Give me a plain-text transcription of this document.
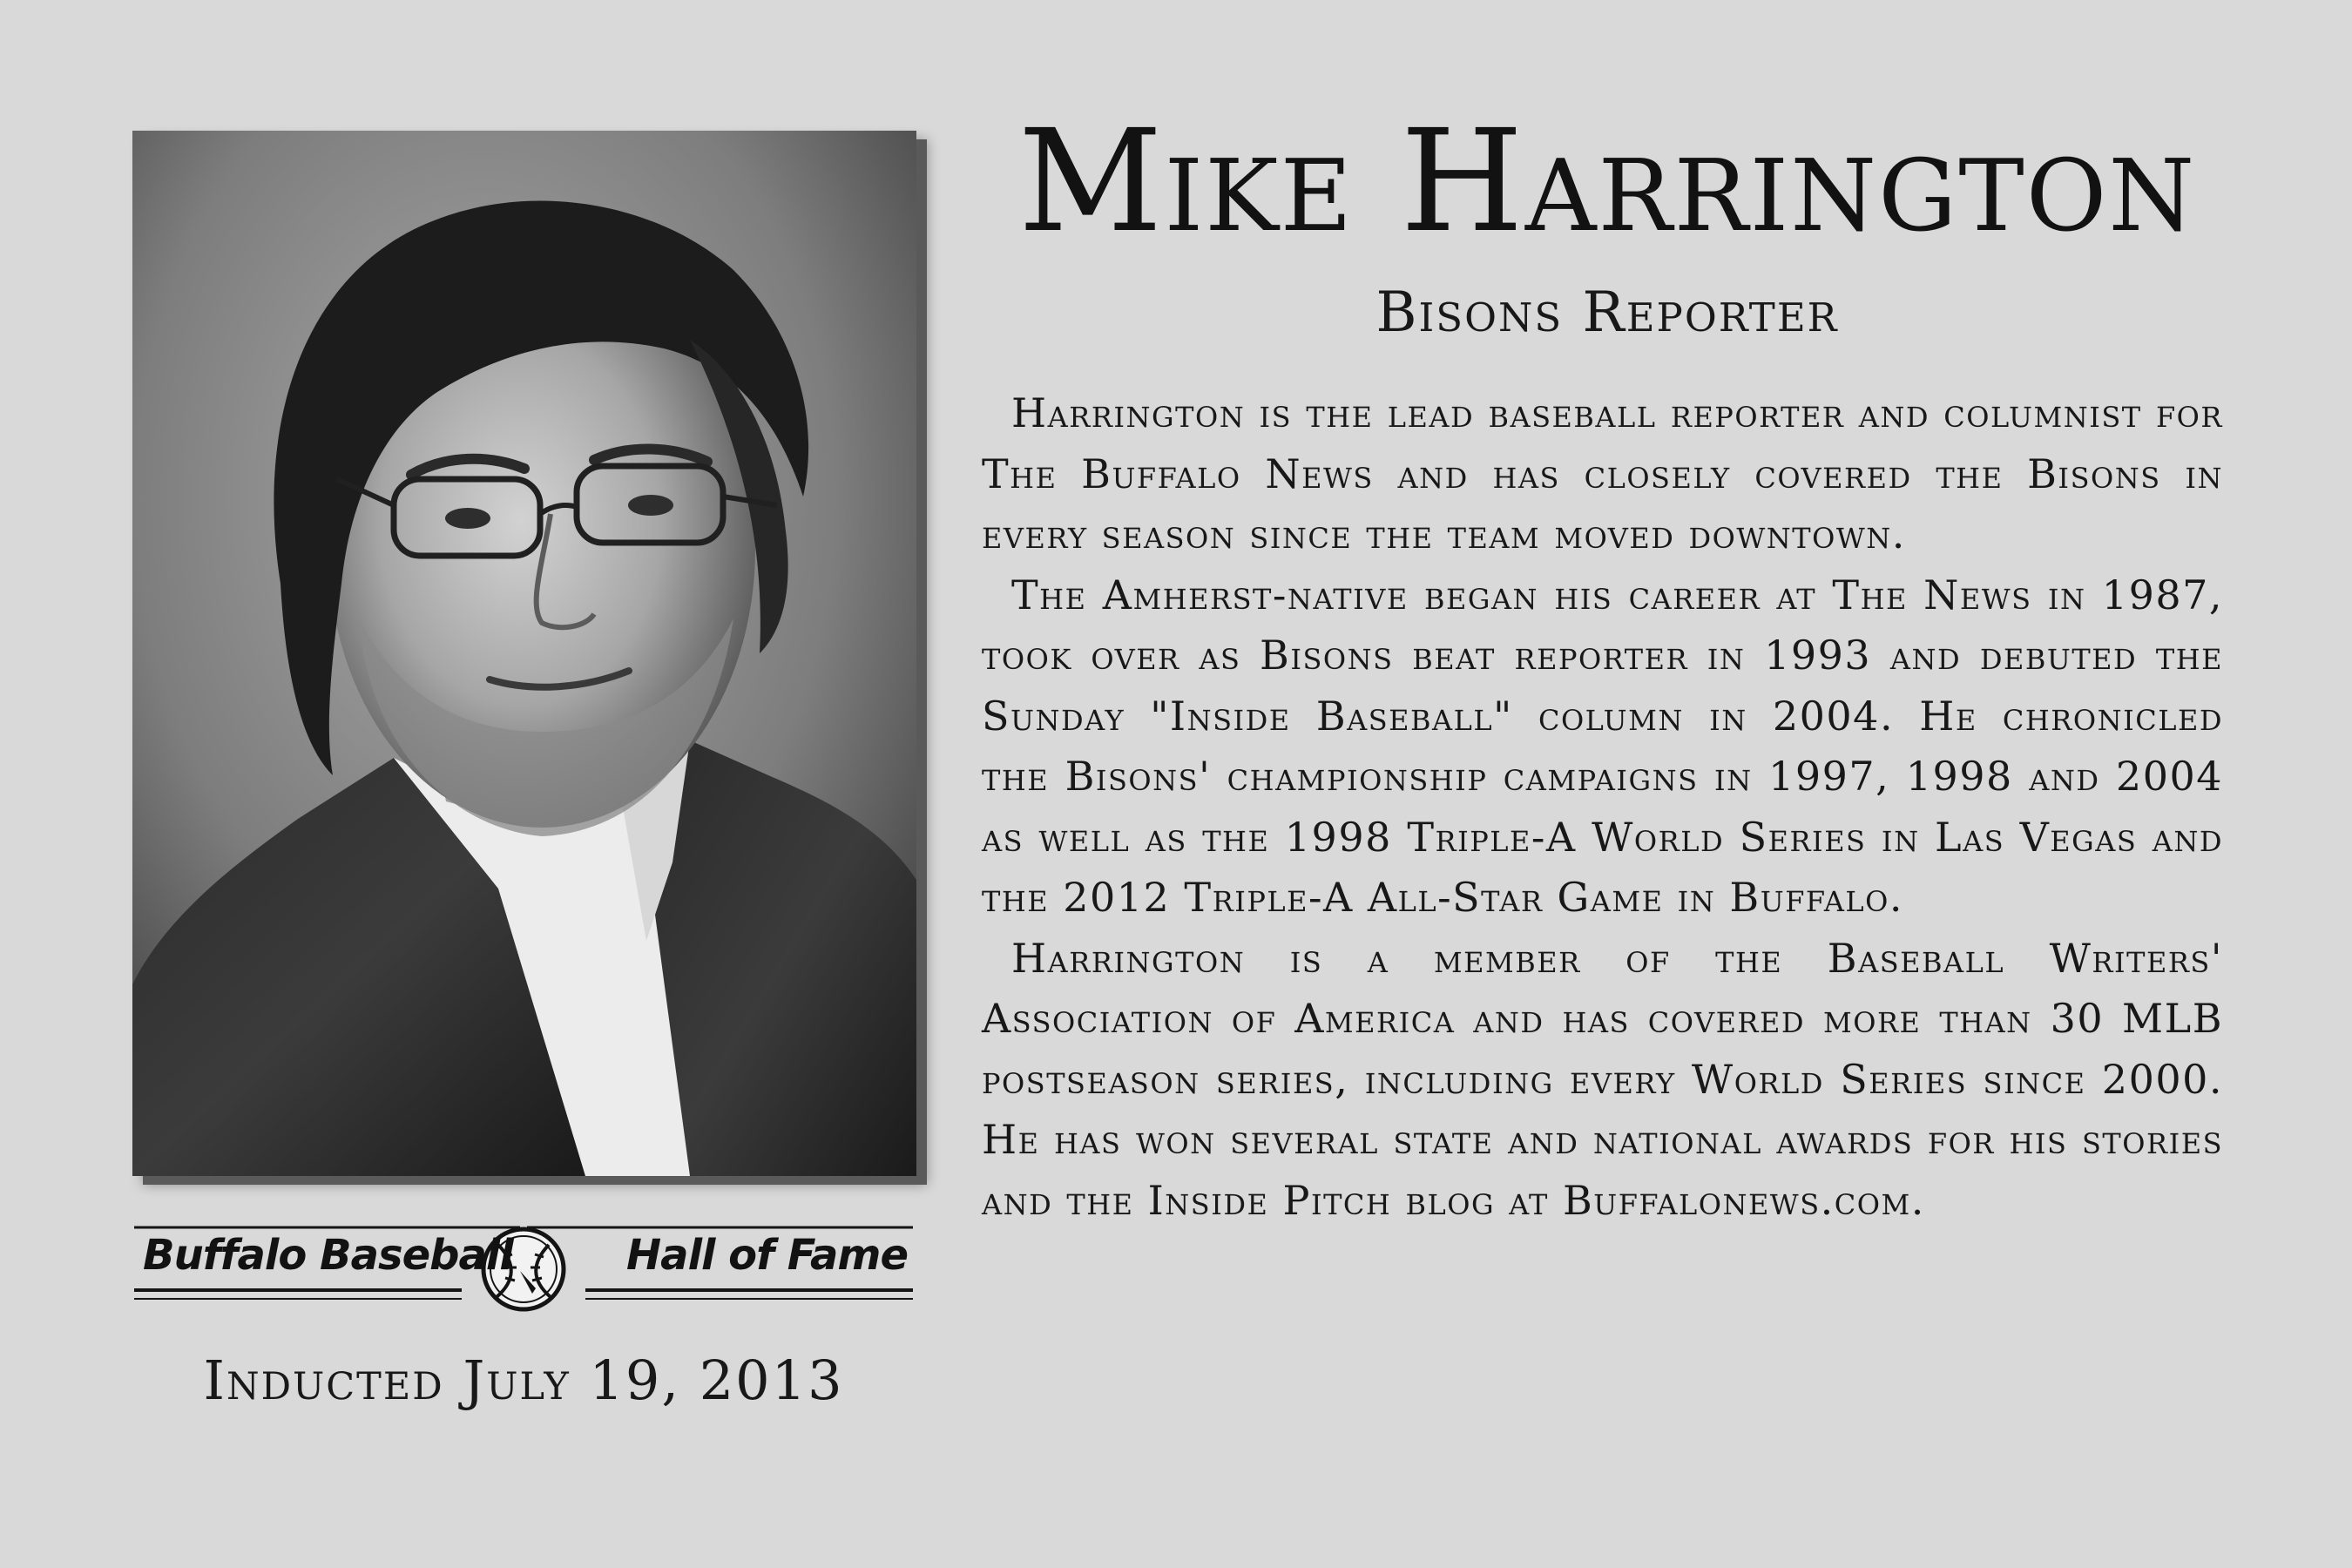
Buffalo Baseball	Hall of Fame
Inducted July 19, 2013
Mike Harrington
Bisons Reporter

Harrington is the lead baseball reporter and columnist for The Buffalo News and has closely covered the Bisons in every season since the team moved downtown.

The Amherst-native began his career at The News in 1987, took over as Bisons beat reporter in 1993 and debuted the Sunday "Inside Baseball" column in 2004. He chronicled the Bisons' championship campaigns in 1997, 1998 and 2004 as well as the 1998 Triple-A World Series in Las Vegas and the 2012 Triple-A All-Star Game in Buffalo.

Harrington is a member of the Baseball Writers' Association of America and has covered more than 30 MLB postseason series, including every World Series since 2000. He has won several state and national awards for his stories and the Inside Pitch blog at Buffalonews.com.
